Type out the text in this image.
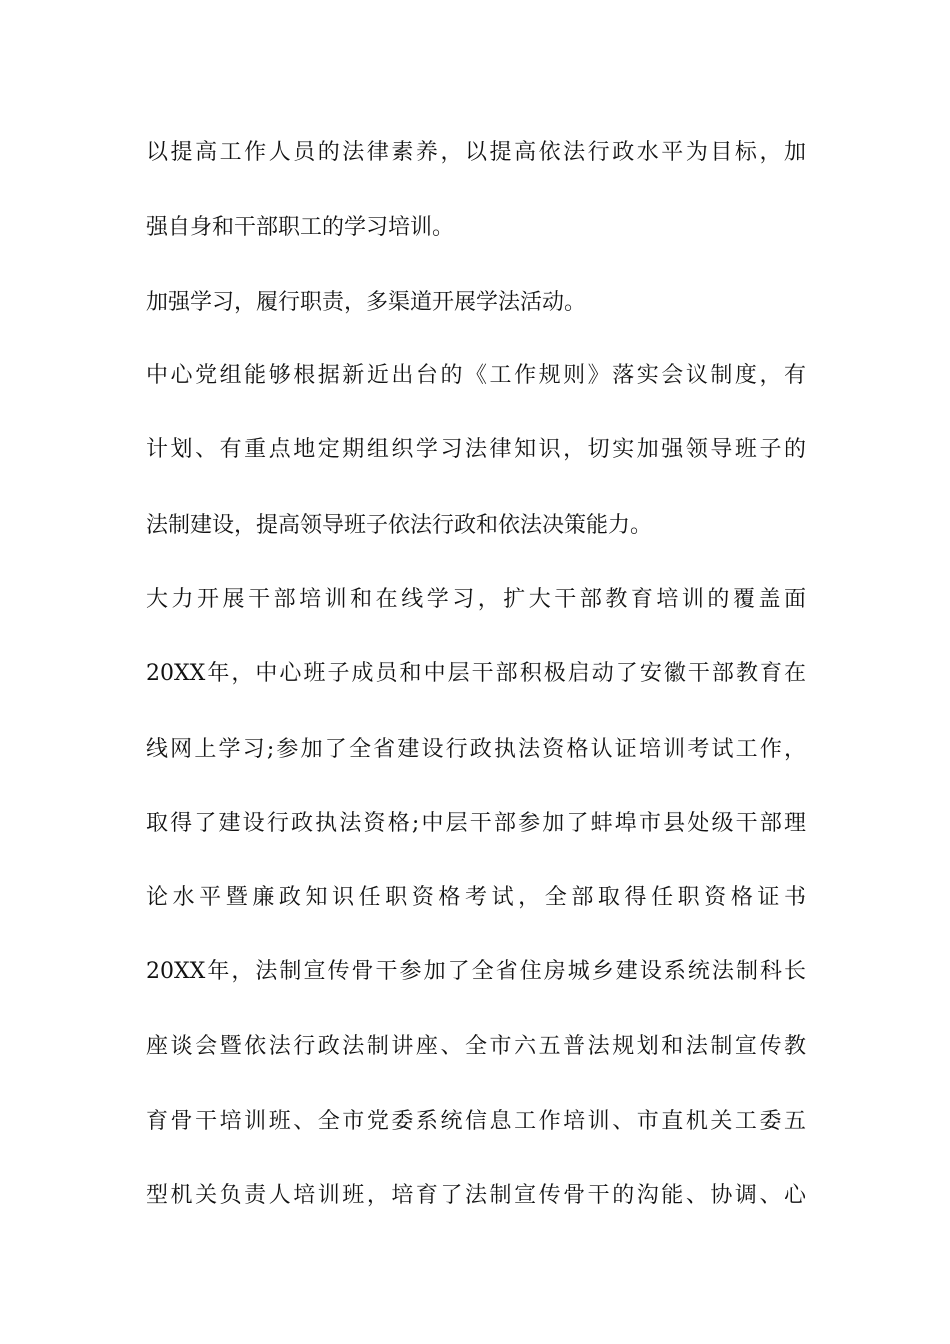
以提高工作人员的法律素养，以提高依法行政水平为目标，加
强自身和干部职工的学习培训。
加强学习，履行职责，多渠道开展学法活动。
中心党组能够根据新近出台的《工作规则》落实会议制度，有
计划、有重点地定期组织学习法律知识，切实加强领导班子的
法制建设，提高领导班子依法行政和依法决策能力。
大力开展干部培训和在线学习，扩大干部教育培训的覆盖面
20XX年，中心班子成员和中层干部积极启动了安徽干部教育在
线网上学习;参加了全省建设行政执法资格认证培训考试工作，
取得了建设行政执法资格;中层干部参加了蚌埠市县处级干部理
论水平暨廉政知识任职资格考试，全部取得任职资格证书
20XX年，法制宣传骨干参加了全省住房城乡建设系统法制科长
座谈会暨依法行政法制讲座、全市六五普法规划和法制宣传教
育骨干培训班、全市党委系统信息工作培训、市直机关工委五
型机关负责人培训班，培育了法制宣传骨干的沟能、协调、心
